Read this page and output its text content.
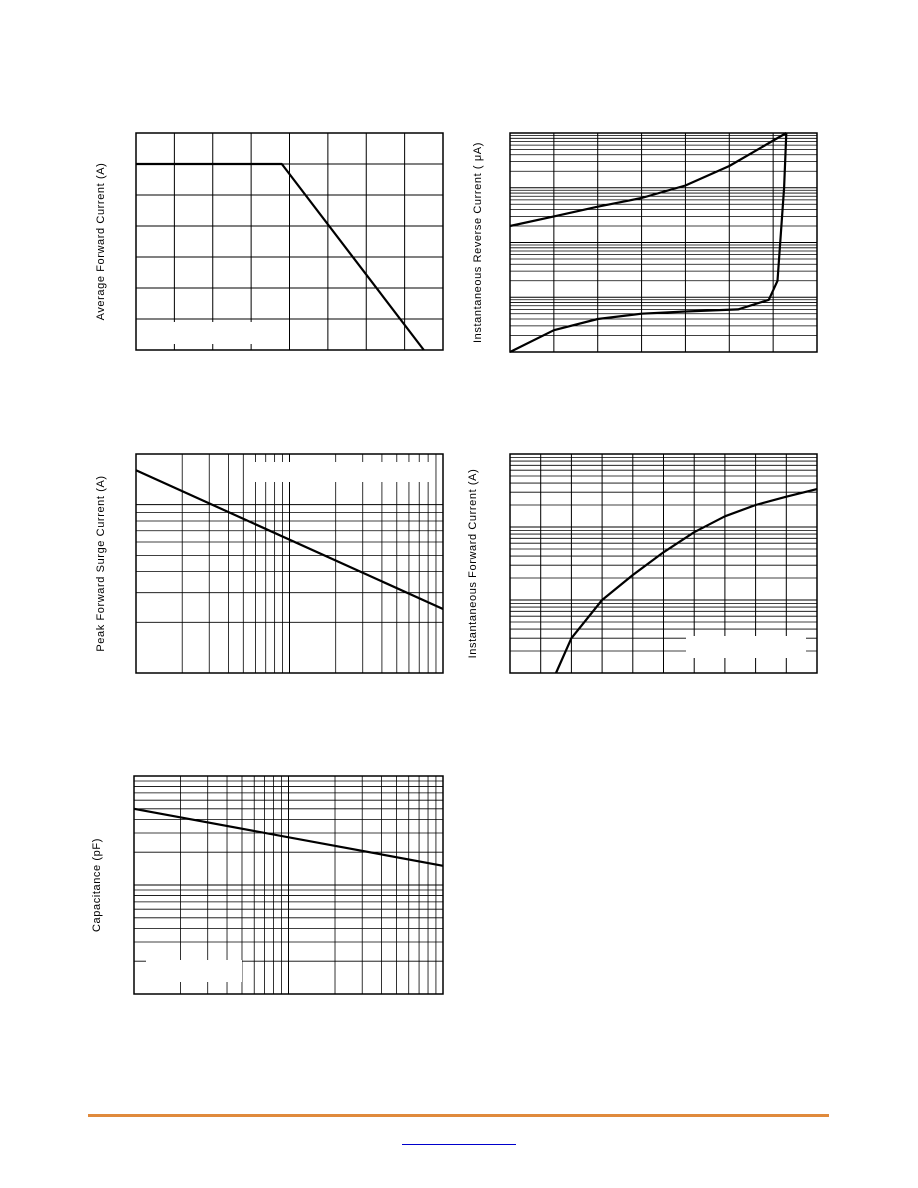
Average Forward Current (A)	Instantaneous Reverse Current ( μA)
Peak Forward Surge Current (A)	Instantaneous Forward Current (A)
Capacitance (pF)
